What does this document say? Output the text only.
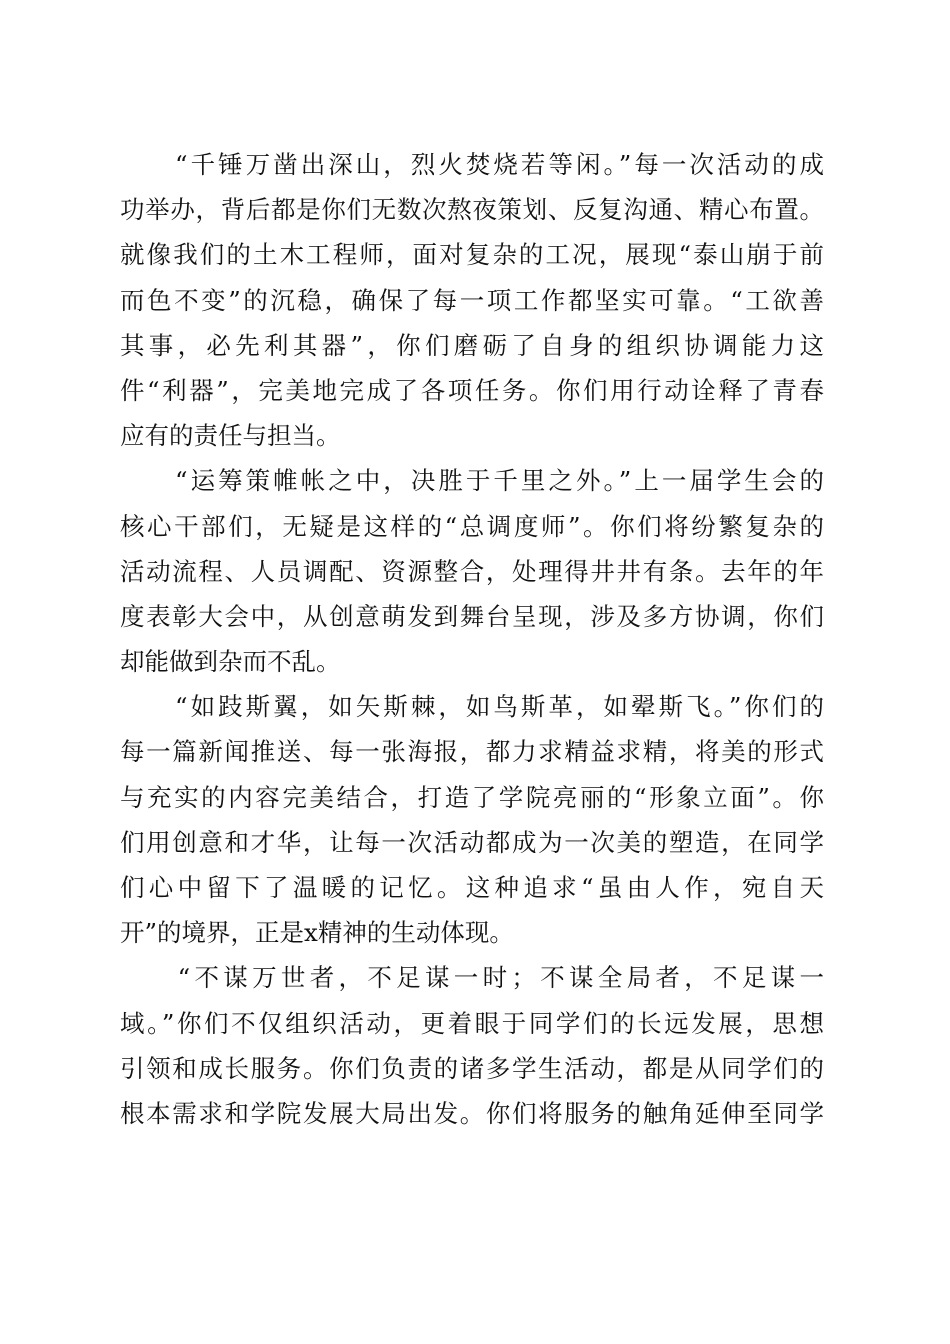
　　“千锤万凿出深山，烈火焚烧若等闲。”每一次活动的成
功举办，背后都是你们无数次熬夜策划、反复沟通、精心布置。
就像我们的土木工程师，面对复杂的工况，展现“泰山崩于前
而色不变”的沉稳，确保了每一项工作都坚实可靠。“工欲善
其事，必先利其器”，你们磨砺了自身的组织协调能力这
件“利器”，完美地完成了各项任务。你们用行动诠释了青春
应有的责任与担当。
　　“运筹策帷帐之中，决胜于千里之外。”上一届学生会的
核心干部们，无疑是这样的“总调度师”。你们将纷繁复杂的
活动流程、人员调配、资源整合，处理得井井有条。去年的年
度表彰大会中，从创意萌发到舞台呈现，涉及多方协调，你们
却能做到杂而不乱。
　　“如跂斯翼，如矢斯棘，如鸟斯革，如翚斯飞。”你们的
每一篇新闻推送、每一张海报，都力求精益求精，将美的形式
与充实的内容完美结合，打造了学院亮丽的“形象立面”。你
们用创意和才华，让每一次活动都成为一次美的塑造，在同学
们心中留下了温暖的记忆。这种追求“虽由人作，宛自天
开”的境界，正是x精神的生动体现。
　　“不谋万世者，不足谋一时；不谋全局者，不足谋一
域。”你们不仅组织活动，更着眼于同学们的长远发展，思想
引领和成长服务。你们负责的诸多学生活动，都是从同学们的
根本需求和学院发展大局出发。你们将服务的触角延伸至同学
